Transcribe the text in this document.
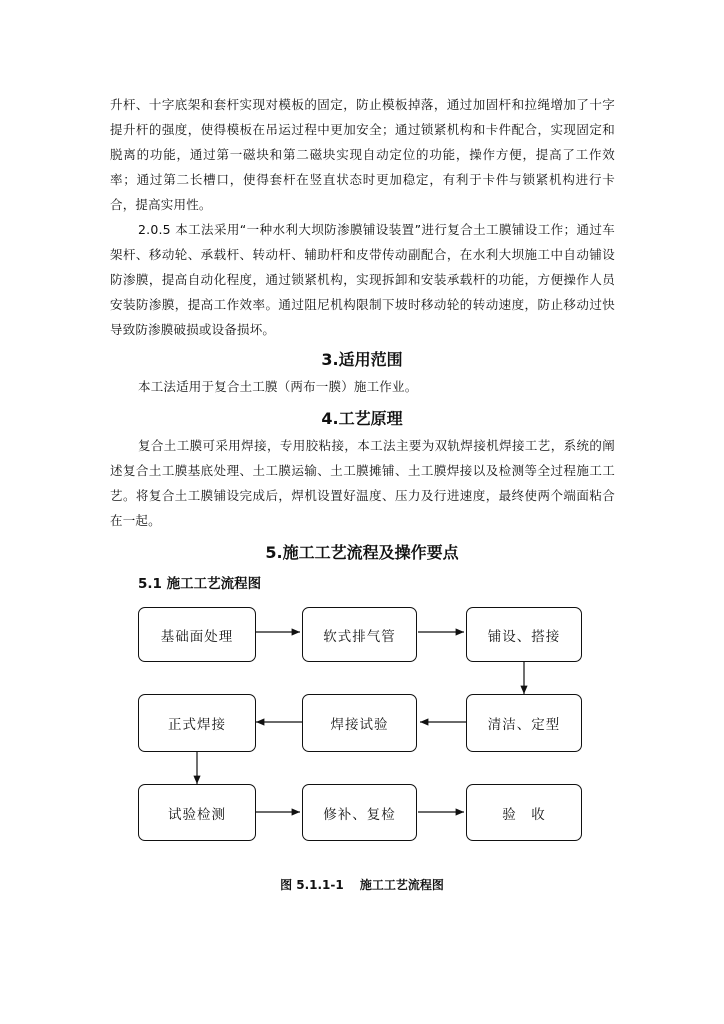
升杆、十字底架和套杆实现对模板的固定，防止模板掉落，通过加固杆和拉绳增加了十字提升杆的强度，使得模板在吊运过程中更加安全；通过锁紧机构和卡件配合，实现固定和脱离的功能，通过第一磁块和第二磁块实现自动定位的功能，操作方便，提高了工作效率；通过第二长槽口，使得套杆在竖直状态时更加稳定，有利于卡件与锁紧机构进行卡合，提高实用性。
2.0.5 本工法采用“一种水利大坝防渗膜铺设装置”进行复合土工膜铺设工作；通过车架杆、移动轮、承载杆、转动杆、辅助杆和皮带传动副配合，在水利大坝施工中自动铺设防渗膜，提高自动化程度，通过锁紧机构，实现拆卸和安装承载杆的功能，方便操作人员安装防渗膜，提高工作效率。通过阻尼机构限制下坡时移动轮的转动速度，防止移动过快导致防渗膜破损或设备损坏。
3.适用范围
本工法适用于复合土工膜（两布一膜）施工作业。
4.工艺原理
复合土工膜可采用焊接，专用胶粘接，本工法主要为双轨焊接机焊接工艺，系统的阐述复合土工膜基底处理、土工膜运输、土工膜摊铺、土工膜焊接以及检测等全过程施工工艺。将复合土工膜铺设完成后，焊机设置好温度、压力及行进速度，最终使两个端面粘合在一起。
5.施工工艺流程及操作要点
5.1 施工工艺流程图
基础面处理	软式排气管	铺设、搭接
正式焊接	焊接试验	清洁、定型
试验检测	修补、复检	验　收
图 5.1.1-1　 施工工艺流程图
